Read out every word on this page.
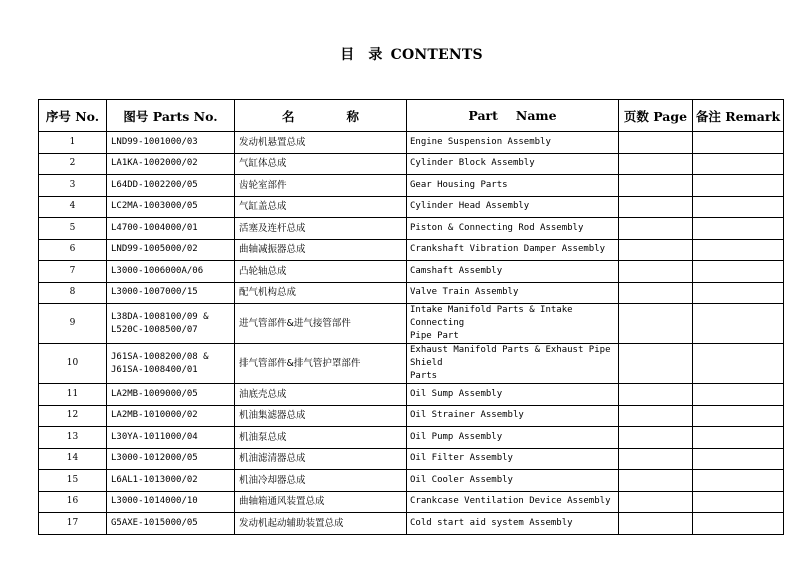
目 录 CONTENTS
序号 No.	图号 Parts No.	名 称	Part Name	页数 Page	备注 Remark
1	LND99-1001000/03	发动机悬置总成	Engine Suspension Assembly		

2	LA1KA-1002000/02	气缸体总成	Cylinder Block Assembly		

3	L64DD-1002200/05	齿轮室部件	Gear Housing Parts		

4	LC2MA-1003000/05	气缸盖总成	Cylinder Head Assembly		

5	L4700-1004000/01	活塞及连杆总成	Piston & Connecting Rod Assembly		

6	LND99-1005000/02	曲轴减振器总成	Crankshaft Vibration Damper Assembly		

7	L3000-1006000A/06	凸轮轴总成	Camshaft Assembly		

8	L3000-1007000/15	配气机构总成	Valve Train Assembly		

9	L38DA-1008100/09 &
L520C-1008500/07	进气管部件&进气接管部件	Intake Manifold Parts & Intake Connecting
Pipe Part		

10	J61SA-1008200/08 &
J61SA-1008400/01	排气管部件&排气管护罩部件	Exhaust Manifold Parts & Exhaust Pipe Shield
Parts		

11	LA2MB-1009000/05	油底壳总成	Oil Sump Assembly		

12	LA2MB-1010000/02	机油集滤器总成	Oil Strainer Assembly		

13	L30YA-1011000/04	机油泵总成	Oil Pump Assembly		

14	L3000-1012000/05	机油滤清器总成	Oil Filter Assembly		

15	L6AL1-1013000/02	机油冷却器总成	Oil Cooler Assembly		

16	L3000-1014000/10	曲轴箱通风装置总成	Crankcase Ventilation Device Assembly		

17	G5AXE-1015000/05	发动机起动辅助装置总成	Cold start aid system Assembly		
